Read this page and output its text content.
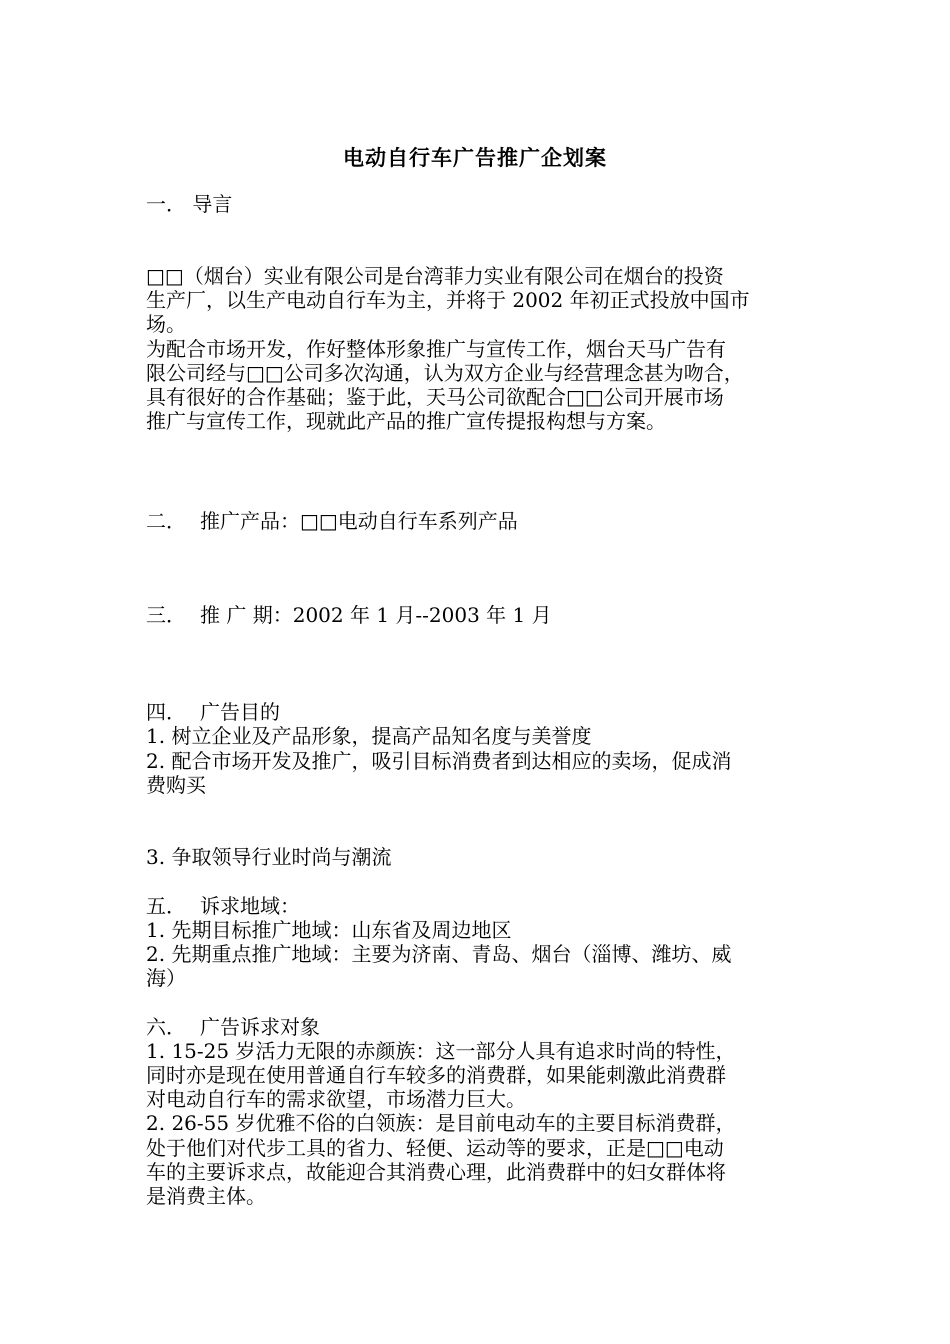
电动自行车广告推广企划案
一． 导言
□□（烟台）实业有限公司是台湾菲力实业有限公司在烟台的投资
生产厂，以生产电动自行车为主，并将于 2002 年初正式投放中国市
场。
为配合市场开发，作好整体形象推广与宣传工作，烟台天马广告有
限公司经与□□公司多次沟通，认为双方企业与经营理念甚为吻合，
具有很好的合作基础；鉴于此，天马公司欲配合□□公司开展市场
推广与宣传工作，现就此产品的推广宣传提报构想与方案。
二． 推广产品：□□电动自行车系列产品
三． 推 广 期：2002 年 1 月--2003 年 1 月
四． 广告目的
1. 树立企业及产品形象，提高产品知名度与美誉度
2. 配合市场开发及推广，吸引目标消费者到达相应的卖场，促成消
费购买
3. 争取领导行业时尚与潮流
五． 诉求地域：
1. 先期目标推广地域：山东省及周边地区
2. 先期重点推广地域：主要为济南、青岛、烟台（淄博、潍坊、威
海）
六． 广告诉求对象
1. 15-25 岁活力无限的赤颜族：这一部分人具有追求时尚的特性，
同时亦是现在使用普通自行车较多的消费群，如果能刺激此消费群
对电动自行车的需求欲望，市场潜力巨大。
2. 26-55 岁优雅不俗的白领族：是目前电动车的主要目标消费群，
处于他们对代步工具的省力、轻便、运动等的要求，正是□□电动
车的主要诉求点，故能迎合其消费心理，此消费群中的妇女群体将
是消费主体。
